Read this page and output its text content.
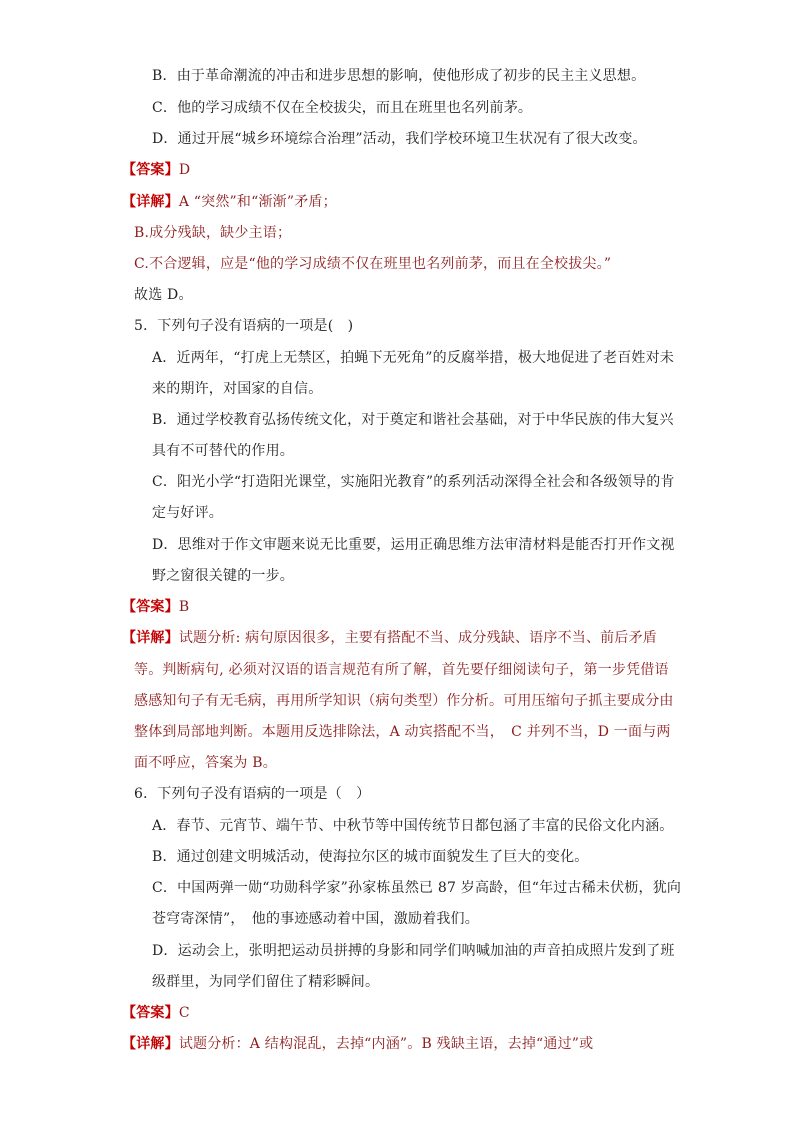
B．由于革命潮流的冲击和进步思想的影响，使他形成了初步的民主主义思想。
C．他的学习成绩不仅在全校拔尖，而且在班里也名列前茅。
D．通过开展“城乡环境综合治理”活动，我们学校环境卫生状况有了很大改变。
【答案】D
【详解】A “突然”和“渐渐”矛盾；
B.成分残缺，缺少主语；
C.不合逻辑，应是“他的学习成绩不仅在班里也名列前茅，而且在全校拔尖。”
故选 D。
5．下列句子没有语病的一项是(　)
A．近两年，“打虎上无禁区，拍蝇下无死角”的反腐举措，极大地促进了老百姓对未
来的期许，对国家的自信。
B．通过学校教育弘扬传统文化，对于奠定和谐社会基础，对于中华民族的伟大复兴
具有不可替代的作用。
C．阳光小学“打造阳光课堂，实施阳光教育”的系列活动深得全社会和各级领导的肯
定与好评。
D．思维对于作文审题来说无比重要，运用正确思维方法审清材料是能否打开作文视
野之窗很关键的一步。
【答案】B
【详解】试题分析: 病句原因很多，主要有搭配不当、成分残缺、语序不当、前后矛盾
等。判断病句, 必须对汉语的语言规范有所了解，首先要仔细阅读句子，第一步凭借语
感感知句子有无毛病，再用所学知识（病句类型）作分析。可用压缩句子抓主要成分由
整体到局部地判断。本题用反选排除法，A 动宾搭配不当，　C 并列不当，D 一面与两
面不呼应，答案为 B。
6．下列句子没有语病的一项是（　）
A．春节、元宵节、端午节、中秋节等中国传统节日都包涵了丰富的民俗文化内涵。
B．通过创建文明城活动，使海拉尔区的城市面貌发生了巨大的变化。
C．中国两弹一勋“功勋科学家”孙家栋虽然已 87 岁高龄，但“年过古稀未伏枥，犹向
苍穹寄深情”，　他的事迹感动着中国，激励着我们。
D．运动会上，张明把运动员拼搏的身影和同学们呐喊加油的声音拍成照片发到了班
级群里，为同学们留住了精彩瞬间。
【答案】C
【详解】试题分析：A 结构混乱，去掉“内涵”。B 残缺主语，去掉“通过”或
